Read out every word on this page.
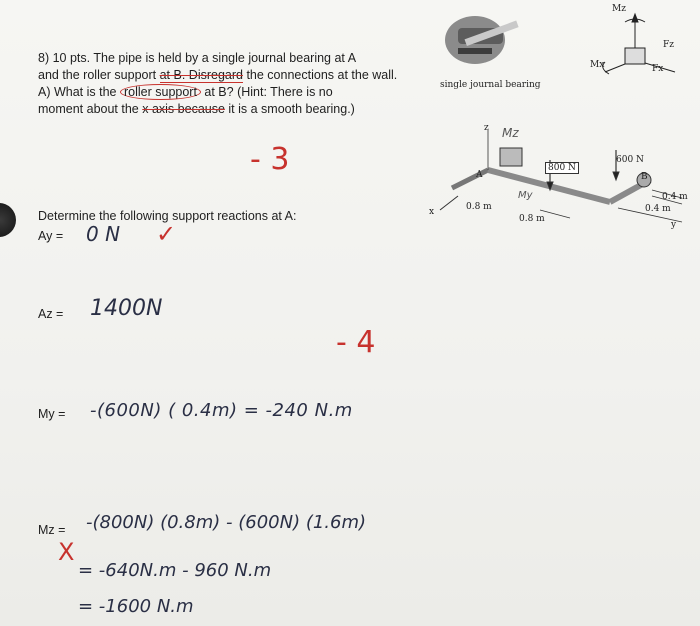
8) 10 pts. The pipe is held by a single journal bearing at A
and the roller support at B. Disregard the connections at the wall.
A) What is the roller support at B? (Hint: There is no
moment about the x axis because it is a smooth bearing.)
- 3
- 4
single journal bearing
Mz
Fz
Mx	Fx
Mz
z
A
My
800 N
600 N
B
0.8 m
0.8 m
0.4 m
0.4 m
x
y
Determine the following support reactions at A:
Ay = 0 N ✓
Az = 1400N
My = -(600N) ( 0.4m) = -240 N.m
Mz = -(800N) (0.8m) - (600N) (1.6m)
X
= -640N.m - 960 N.m
= -1600 N.m
